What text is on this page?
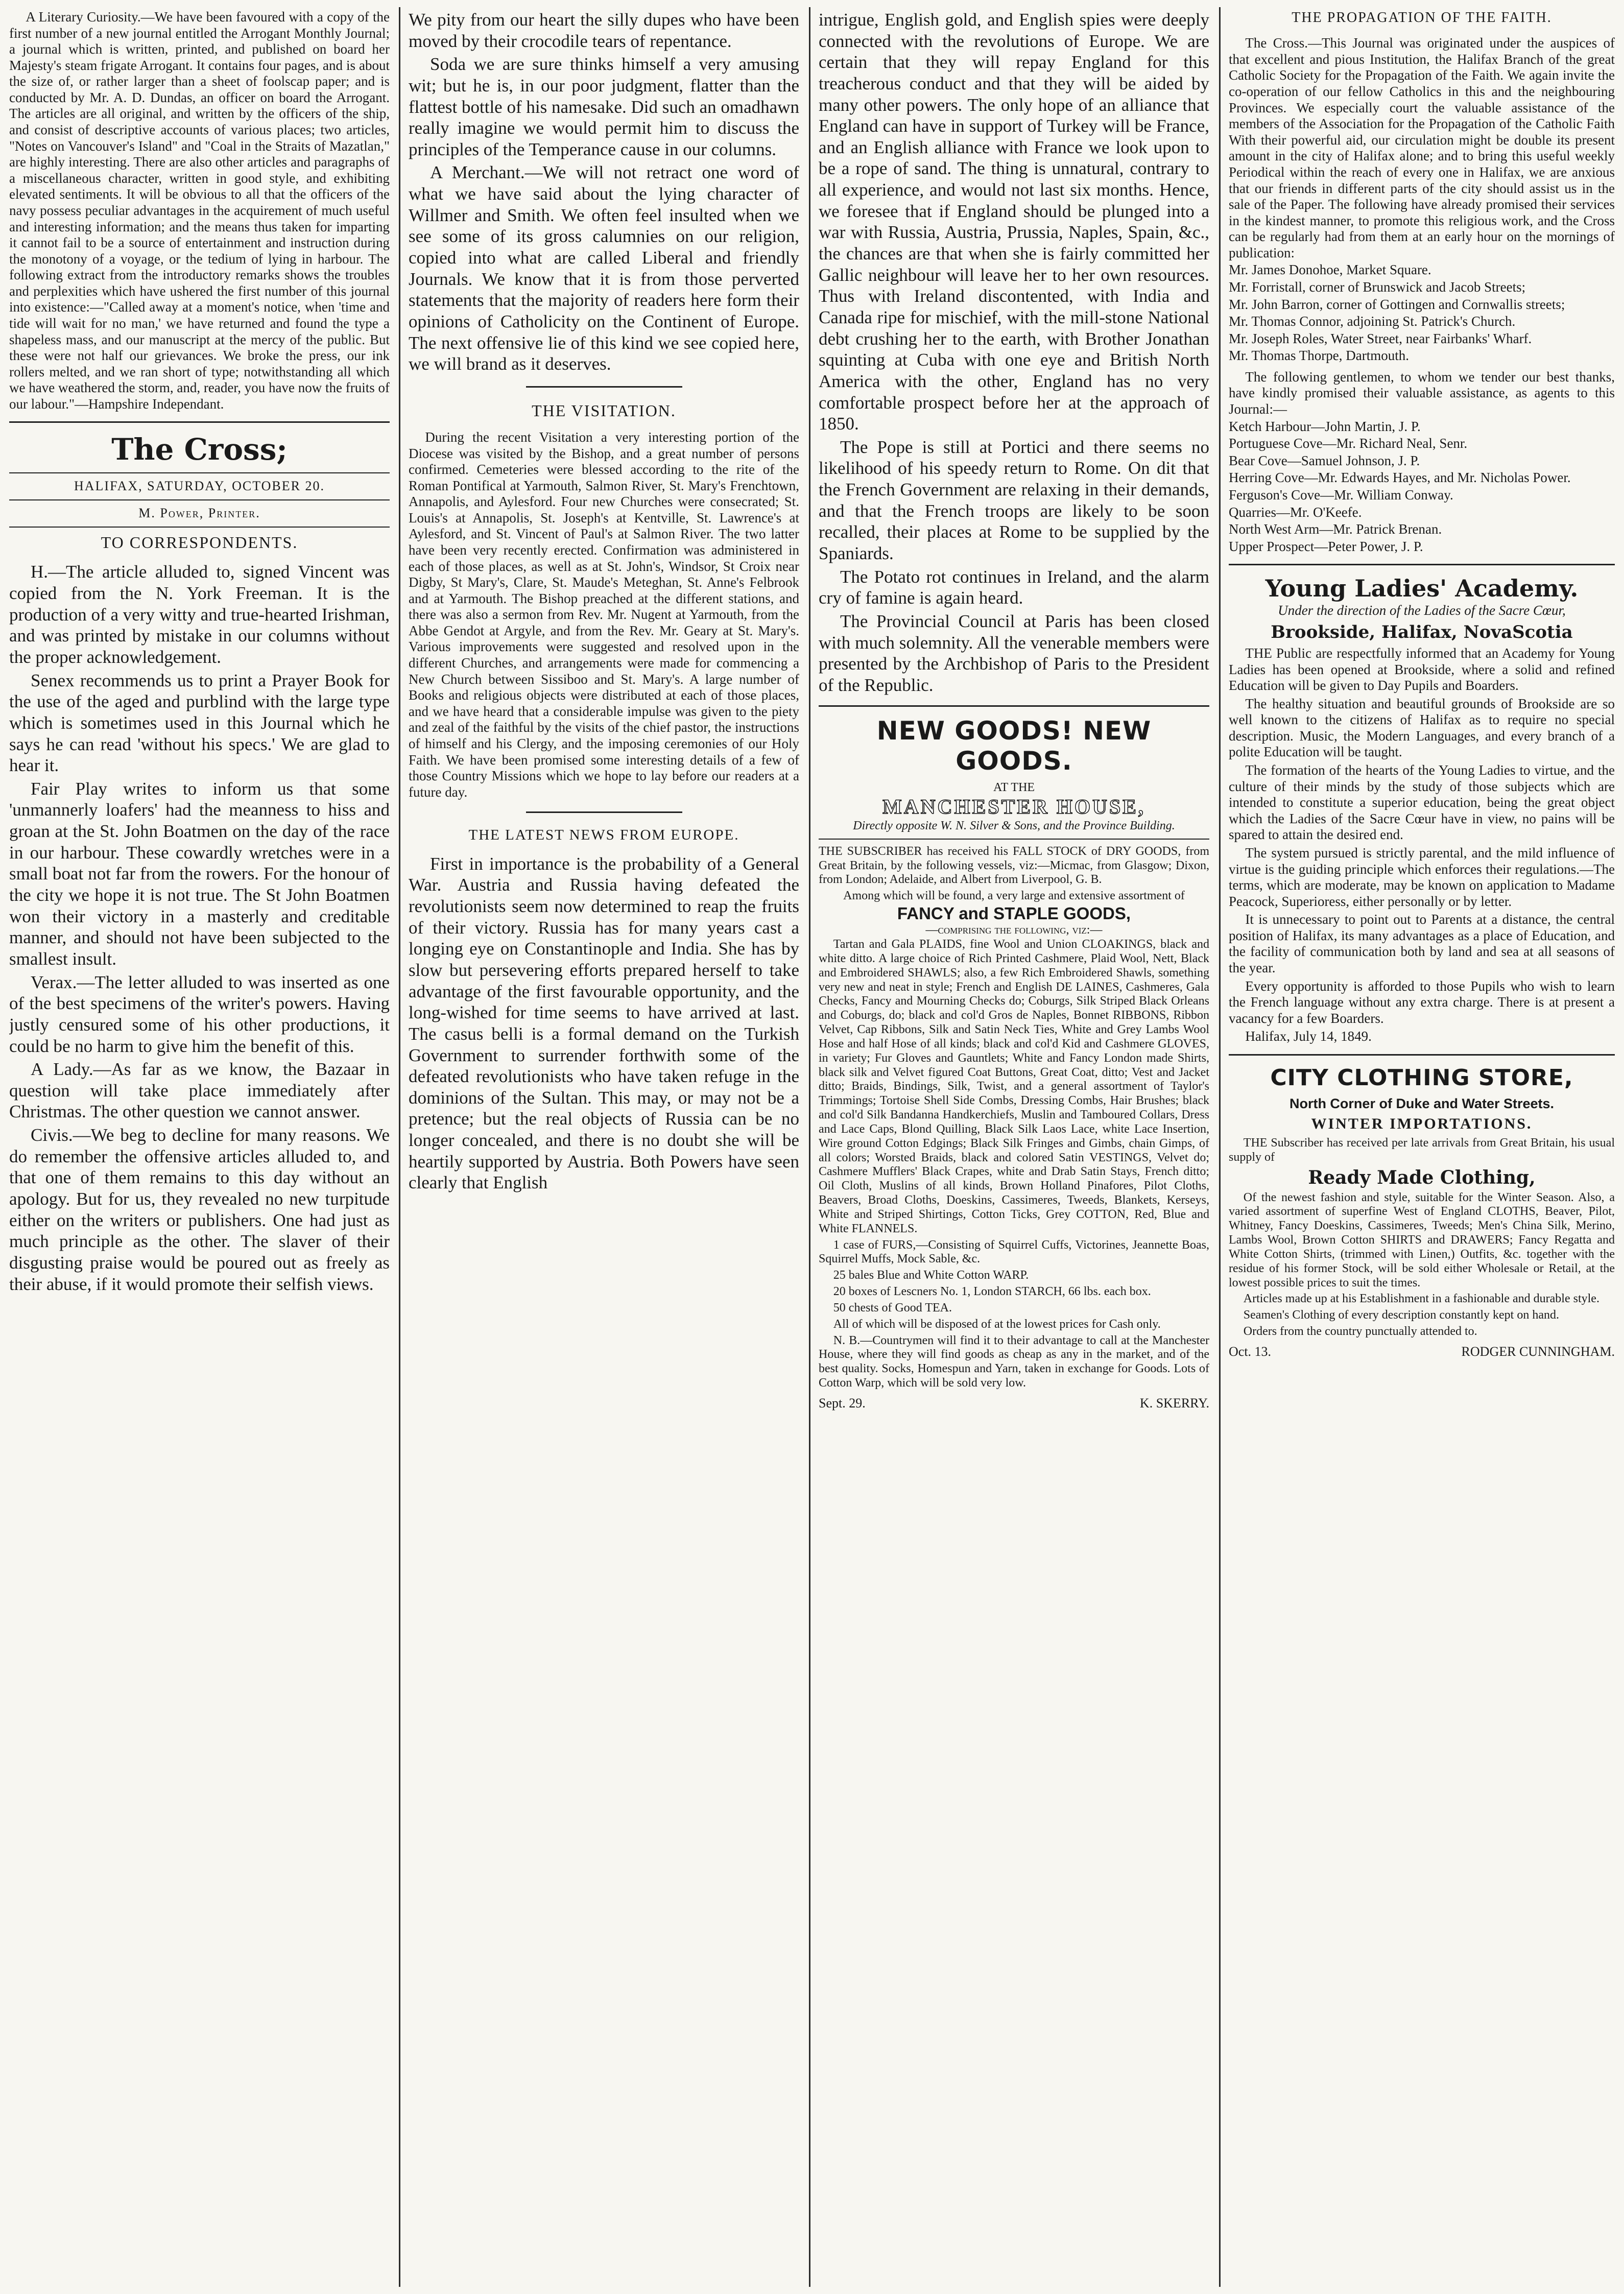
A Literary Curiosity.—We have been favoured with a copy of the first number of a new journal entitled the Arrogant Monthly Journal; a journal which is written, printed, and published on board her Majesty's steam frigate Arrogant. It contains four pages, and is about the size of, or rather larger than a sheet of foolscap paper; and is conducted by Mr. A. D. Dundas, an officer on board the Arrogant. The articles are all original, and written by the officers of the ship, and consist of descriptive accounts of various places; two articles, "Notes on Vancouver's Island" and "Coal in the Straits of Mazatlan," are highly interesting. There are also other articles and paragraphs of a miscellaneous character, written in good style, and exhibiting elevated sentiments. It will be obvious to all that the officers of the navy possess peculiar advantages in the acquirement of much useful and interesting information; and the means thus taken for imparting it cannot fail to be a source of entertainment and instruction during the monotony of a voyage, or the tedium of lying in harbour. The following extract from the introductory remarks shows the troubles and perplexities which have ushered the first number of this journal into existence:—"Called away at a moment's notice, when 'time and tide will wait for no man,' we have returned and found the type a shapeless mass, and our manuscript at the mercy of the public. But these were not half our grievances. We broke the press, our ink rollers melted, and we ran short of type; notwithstanding all which we have weathered the storm, and, reader, you have now the fruits of our labour."—Hampshire Independant.

The Cross;
HALIFAX, SATURDAY, OCTOBER 20.
M. Power, Printer.
TO CORRESPONDENTS.

H.—The article alluded to, signed Vincent was copied from the N. York Freeman. It is the production of a very witty and true-hearted Irishman, and was printed by mistake in our columns without the proper acknowledgement.

Senex recommends us to print a Prayer Book for the use of the aged and purblind with the large type which is sometimes used in this Journal which he says he can read 'without his specs.' We are glad to hear it.

Fair Play writes to inform us that some 'unmannerly loafers' had the meanness to hiss and groan at the St. John Boatmen on the day of the race in our harbour. These cowardly wretches were in a small boat not far from the rowers. For the honour of the city we hope it is not true. The St John Boatmen won their victory in a masterly and creditable manner, and should not have been subjected to the smallest insult.

Verax.—The letter alluded to was inserted as one of the best specimens of the writer's powers. Having justly censured some of his other productions, it could be no harm to give him the benefit of this.

A Lady.—As far as we know, the Bazaar in question will take place immediately after Christmas. The other question we cannot answer.

Civis.—We beg to decline for many reasons. We do remember the offensive articles alluded to, and that one of them remains to this day without an apology. But for us, they revealed no new turpitude either on the writers or publishers. One had just as much principle as the other. The slaver of their disgusting praise would be poured out as freely as their abuse, if it would promote their selfish views.

We pity from our heart the silly dupes who have been moved by their crocodile tears of repentance.

Soda we are sure thinks himself a very amusing wit; but he is, in our poor judgment, flatter than the flattest bottle of his namesake. Did such an omadhawn really imagine we would permit him to discuss the principles of the Temperance cause in our columns.

A Merchant.—We will not retract one word of what we have said about the lying character of Willmer and Smith. We often feel insulted when we see some of its gross calumnies on our religion, copied into what are called Liberal and friendly Journals. We know that it is from those perverted statements that the majority of readers here form their opinions of Catholicity on the Continent of Europe. The next offensive lie of this kind we see copied here, we will brand as it deserves.

THE VISITATION.

During the recent Visitation a very interesting portion of the Diocese was visited by the Bishop, and a great number of persons confirmed. Cemeteries were blessed according to the rite of the Roman Pontifical at Yarmouth, Salmon River, St. Mary's Frenchtown, Annapolis, and Aylesford. Four new Churches were consecrated; St. Louis's at Annapolis, St. Joseph's at Kentville, St. Lawrence's at Aylesford, and St. Vincent of Paul's at Salmon River. The two latter have been very recently erected. Confirmation was administered in each of those places, as well as at St. John's, Windsor, St Croix near Digby, St Mary's, Clare, St. Maude's Meteghan, St. Anne's Felbrook and at Yarmouth. The Bishop preached at the different stations, and there was also a sermon from Rev. Mr. Nugent at Yarmouth, from the Abbe Gendot at Argyle, and from the Rev. Mr. Geary at St. Mary's. Various improvements were suggested and resolved upon in the different Churches, and arrangements were made for commencing a New Church between Sissiboo and St. Mary's. A large number of Books and religious objects were distributed at each of those places, and we have heard that a considerable impulse was given to the piety and zeal of the faithful by the visits of the chief pastor, the instructions of himself and his Clergy, and the imposing ceremonies of our Holy Faith. We have been promised some interesting details of a few of those Country Missions which we hope to lay before our readers at a future day.

THE LATEST NEWS FROM EUROPE.

First in importance is the probability of a General War. Austria and Russia having defeated the revolutionists seem now determined to reap the fruits of their victory. Russia has for many years cast a longing eye on Constantinople and India. She has by slow but persevering efforts prepared herself to take advantage of the first favourable opportunity, and the long-wished for time seems to have arrived at last. The casus belli is a formal demand on the Turkish Government to surrender forthwith some of the defeated revolutionists who have taken refuge in the dominions of the Sultan. This may, or may not be a pretence; but the real objects of Russia can be no longer concealed, and there is no doubt she will be heartily supported by Austria. Both Powers have seen clearly that English

intrigue, English gold, and English spies were deeply connected with the revolutions of Europe. We are certain that they will repay England for this treacherous conduct and that they will be aided by many other powers. The only hope of an alliance that England can have in support of Turkey will be France, and an English alliance with France we look upon to be a rope of sand. The thing is unnatural, contrary to all experience, and would not last six months. Hence, we foresee that if England should be plunged into a war with Russia, Austria, Prussia, Naples, Spain, &c., the chances are that when she is fairly committed her Gallic neighbour will leave her to her own resources. Thus with Ireland discontented, with India and Canada ripe for mischief, with the mill-stone National debt crushing her to the earth, with Brother Jonathan squinting at Cuba with one eye and British North America with the other, England has no very comfortable prospect before her at the approach of 1850.

The Pope is still at Portici and there seems no likelihood of his speedy return to Rome. On dit that the French Government are relaxing in their demands, and that the French troops are likely to be soon recalled, their places at Rome to be supplied by the Spaniards.

The Potato rot continues in Ireland, and the alarm cry of famine is again heard.

The Provincial Council at Paris has been closed with much solemnity. All the venerable members were presented by the Archbishop of Paris to the President of the Republic.

NEW GOODS! NEW GOODS.
AT THE
MANCHESTER HOUSE,
Directly opposite W. N. Silver & Sons, and the Province Building.

THE SUBSCRIBER has received his FALL STOCK of DRY GOODS, from Great Britain, by the following vessels, viz:—Micmac, from Glasgow; Dixon, from London; Adelaide, and Albert from Liverpool, G. B.

Among which will be found, a very large and extensive assortment of

FANCY and STAPLE GOODS,
—comprising the following, viz:—

Tartan and Gala PLAIDS, fine Wool and Union CLOAKINGS, black and white ditto. A large choice of Rich Printed Cashmere, Plaid Wool, Nett, Black and Embroidered SHAWLS; also, a few Rich Embroidered Shawls, something very new and neat in style; French and English DE LAINES, Cashmeres, Gala Checks, Fancy and Mourning Checks do; Coburgs, Silk Striped Black Orleans and Coburgs, do; black and col'd Gros de Naples, Bonnet RIBBONS, Ribbon Velvet, Cap Ribbons, Silk and Satin Neck Ties, White and Grey Lambs Wool Hose and half Hose of all kinds; black and col'd Kid and Cashmere GLOVES, in variety; Fur Gloves and Gauntlets; White and Fancy London made Shirts, black silk and Velvet figured Coat Buttons, Great Coat, ditto; Vest and Jacket ditto; Braids, Bindings, Silk, Twist, and a general assortment of Taylor's Trimmings; Tortoise Shell Side Combs, Dressing Combs, Hair Brushes; black and col'd Silk Bandanna Handkerchiefs, Muslin and Tamboured Collars, Dress and Lace Caps, Blond Quilling, Black Silk Laos Lace, white Lace Insertion, Wire ground Cotton Edgings; Black Silk Fringes and Gimbs, chain Gimps, of all colors; Worsted Braids, black and colored Satin VESTINGS, Velvet do; Cashmere Mufflers' Black Crapes, white and Drab Satin Stays, French ditto; Oil Cloth, Muslins of all kinds, Brown Holland Pinafores, Pilot Cloths, Beavers, Broad Cloths, Doeskins, Cassimeres, Tweeds, Blankets, Kerseys, White and Striped Shirtings, Cotton Ticks, Grey COTTON, Red, Blue and White FLANNELS.

1 case of FURS,—Consisting of Squirrel Cuffs, Victorines, Jeannette Boas, Squirrel Muffs, Mock Sable, &c.

25 bales Blue and White Cotton WARP.

20 boxes of Lescners No. 1, London STARCH, 66 lbs. each box.

50 chests of Good TEA.

All of which will be disposed of at the lowest prices for Cash only.

N. B.—Countrymen will find it to their advantage to call at the Manchester House, where they will find goods as cheap as any in the market, and of the best quality. Socks, Homespun and Yarn, taken in exchange for Goods. Lots of Cotton Warp, which will be sold very low.

Sept. 29.	K. SKERRY.
THE PROPAGATION OF THE FAITH.

The Cross.—This Journal was originated under the auspices of that excellent and pious Institution, the Halifax Branch of the great Catholic Society for the Propagation of the Faith. We again invite the co-operation of our fellow Catholics in this and the neighbouring Provinces. We especially court the valuable assistance of the members of the Association for the Propagation of the Catholic Faith With their powerful aid, our circulation might be double its present amount in the city of Halifax alone; and to bring this useful weekly Periodical within the reach of every one in Halifax, we are anxious that our friends in different parts of the city should assist us in the sale of the Paper. The following have already promised their services in the kindest manner, to promote this religious work, and the Cross can be regularly had from them at an early hour on the mornings of publication:

Mr. James Donohoe, Market Square.
Mr. Forristall, corner of Brunswick and Jacob Streets;
Mr. John Barron, corner of Gottingen and Cornwallis streets;
Mr. Thomas Connor, adjoining St. Patrick's Church.
Mr. Joseph Roles, Water Street, near Fairbanks' Wharf.
Mr. Thomas Thorpe, Dartmouth.

The following gentlemen, to whom we tender our best thanks, have kindly promised their valuable assistance, as agents to this Journal:—

Ketch Harbour—John Martin, J. P.
Portuguese Cove—Mr. Richard Neal, Senr.
Bear Cove—Samuel Johnson, J. P.
Herring Cove—Mr. Edwards Hayes, and Mr. Nicholas Power.
Ferguson's Cove—Mr. William Conway.
Quarries—Mr. O'Keefe.
North West Arm—Mr. Patrick Brenan.
Upper Prospect—Peter Power, J. P.
Young Ladies' Academy.
Under the direction of the Ladies of the Sacre Cœur,
Brookside, Halifax, NovaScotia

THE Public are respectfully informed that an Academy for Young Ladies has been opened at Brookside, where a solid and refined Education will be given to Day Pupils and Boarders.

The healthy situation and beautiful grounds of Brookside are so well known to the citizens of Halifax as to require no special description. Music, the Modern Languages, and every branch of a polite Education will be taught.

The formation of the hearts of the Young Ladies to virtue, and the culture of their minds by the study of those subjects which are intended to constitute a superior education, being the great object which the Ladies of the Sacre Cœur have in view, no pains will be spared to attain the desired end.

The system pursued is strictly parental, and the mild influence of virtue is the guiding principle which enforces their regulations.—The terms, which are moderate, may be known on application to Madame Peacock, Superioress, either personally or by letter.

It is unnecessary to point out to Parents at a distance, the central position of Halifax, its many advantages as a place of Education, and the facility of communication both by land and sea at all seasons of the year.

Every opportunity is afforded to those Pupils who wish to learn the French language without any extra charge. There is at present a vacancy for a few Boarders.

Halifax, July 14, 1849.

CITY CLOTHING STORE,
North Corner of Duke and Water Streets.
WINTER IMPORTATIONS.

THE Subscriber has received per late arrivals from Great Britain, his usual supply of

Ready Made Clothing,

Of the newest fashion and style, suitable for the Winter Season. Also, a varied assortment of superfine West of England CLOTHS, Beaver, Pilot, Whitney, Fancy Doeskins, Cassimeres, Tweeds; Men's China Silk, Merino, Lambs Wool, Brown Cotton SHIRTS and DRAWERS; Fancy Regatta and White Cotton Shirts, (trimmed with Linen,) Outfits, &c. together with the residue of his former Stock, will be sold either Wholesale or Retail, at the lowest possible prices to suit the times.

Articles made up at his Establishment in a fashionable and durable style.

Seamen's Clothing of every description constantly kept on hand.

Orders from the country punctually attended to.

Oct. 13.	RODGER CUNNINGHAM.
